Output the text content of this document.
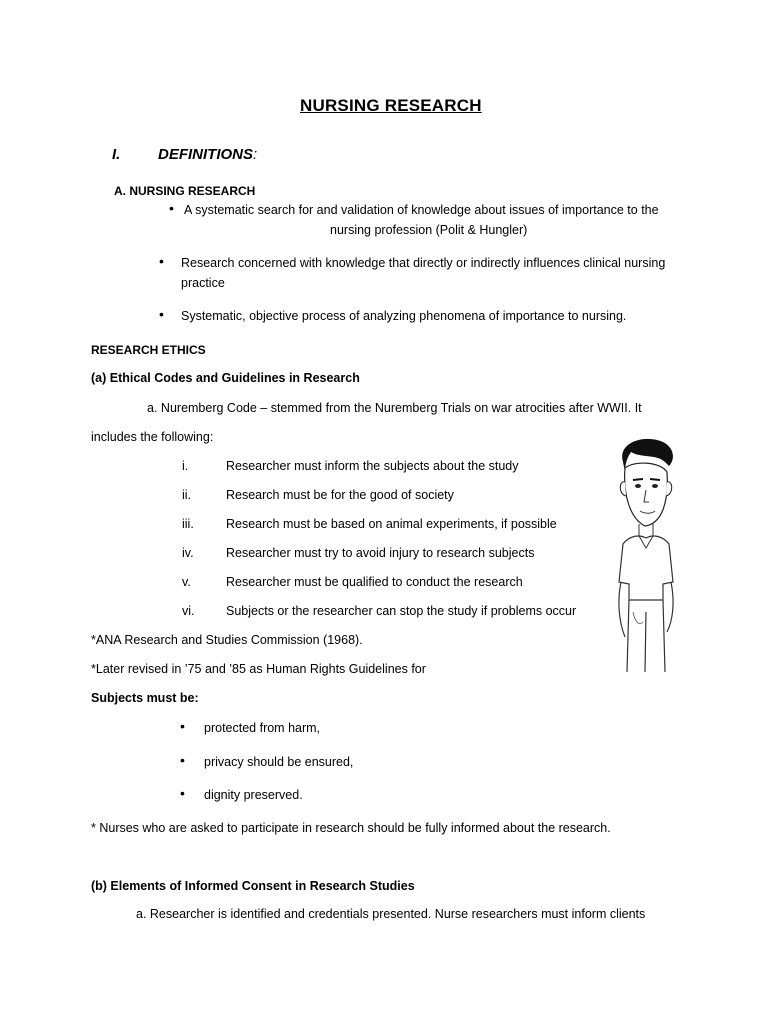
NURSING RESEARCH
I.	DEFINITIONS:
A. NURSING RESEARCH
• A systematic search for and validation of knowledge about issues of importance to the
nursing profession (Polit & Hungler)
• Research concerned with knowledge that directly or indirectly influences clinical nursing
practice
• Systematic, objective process of analyzing phenomena of importance to nursing.
RESEARCH ETHICS
(a) Ethical Codes and Guidelines in Research
a. Nuremberg Code – stemmed from the Nuremberg Trials on war atrocities after WWII. It
includes the following:
i.	Researcher must inform the subjects about the study
ii.	Research must be for the good of society
iii.	Research must be based on animal experiments, if possible
iv.	Researcher must try to avoid injury to research subjects
v.	Researcher must be qualified to conduct the research
vi.	Subjects or the researcher can stop the study if problems occur
*ANA Research and Studies Commission (1968).
*Later revised in ’75 and ’85 as Human Rights Guidelines for
Subjects must be:
• protected from harm,
• privacy should be ensured,
• dignity preserved.
* Nurses who are asked to participate in research should be fully informed about the research.
(b) Elements of Informed Consent in Research Studies
a. Researcher is identified and credentials presented. Nurse researchers must inform clients
